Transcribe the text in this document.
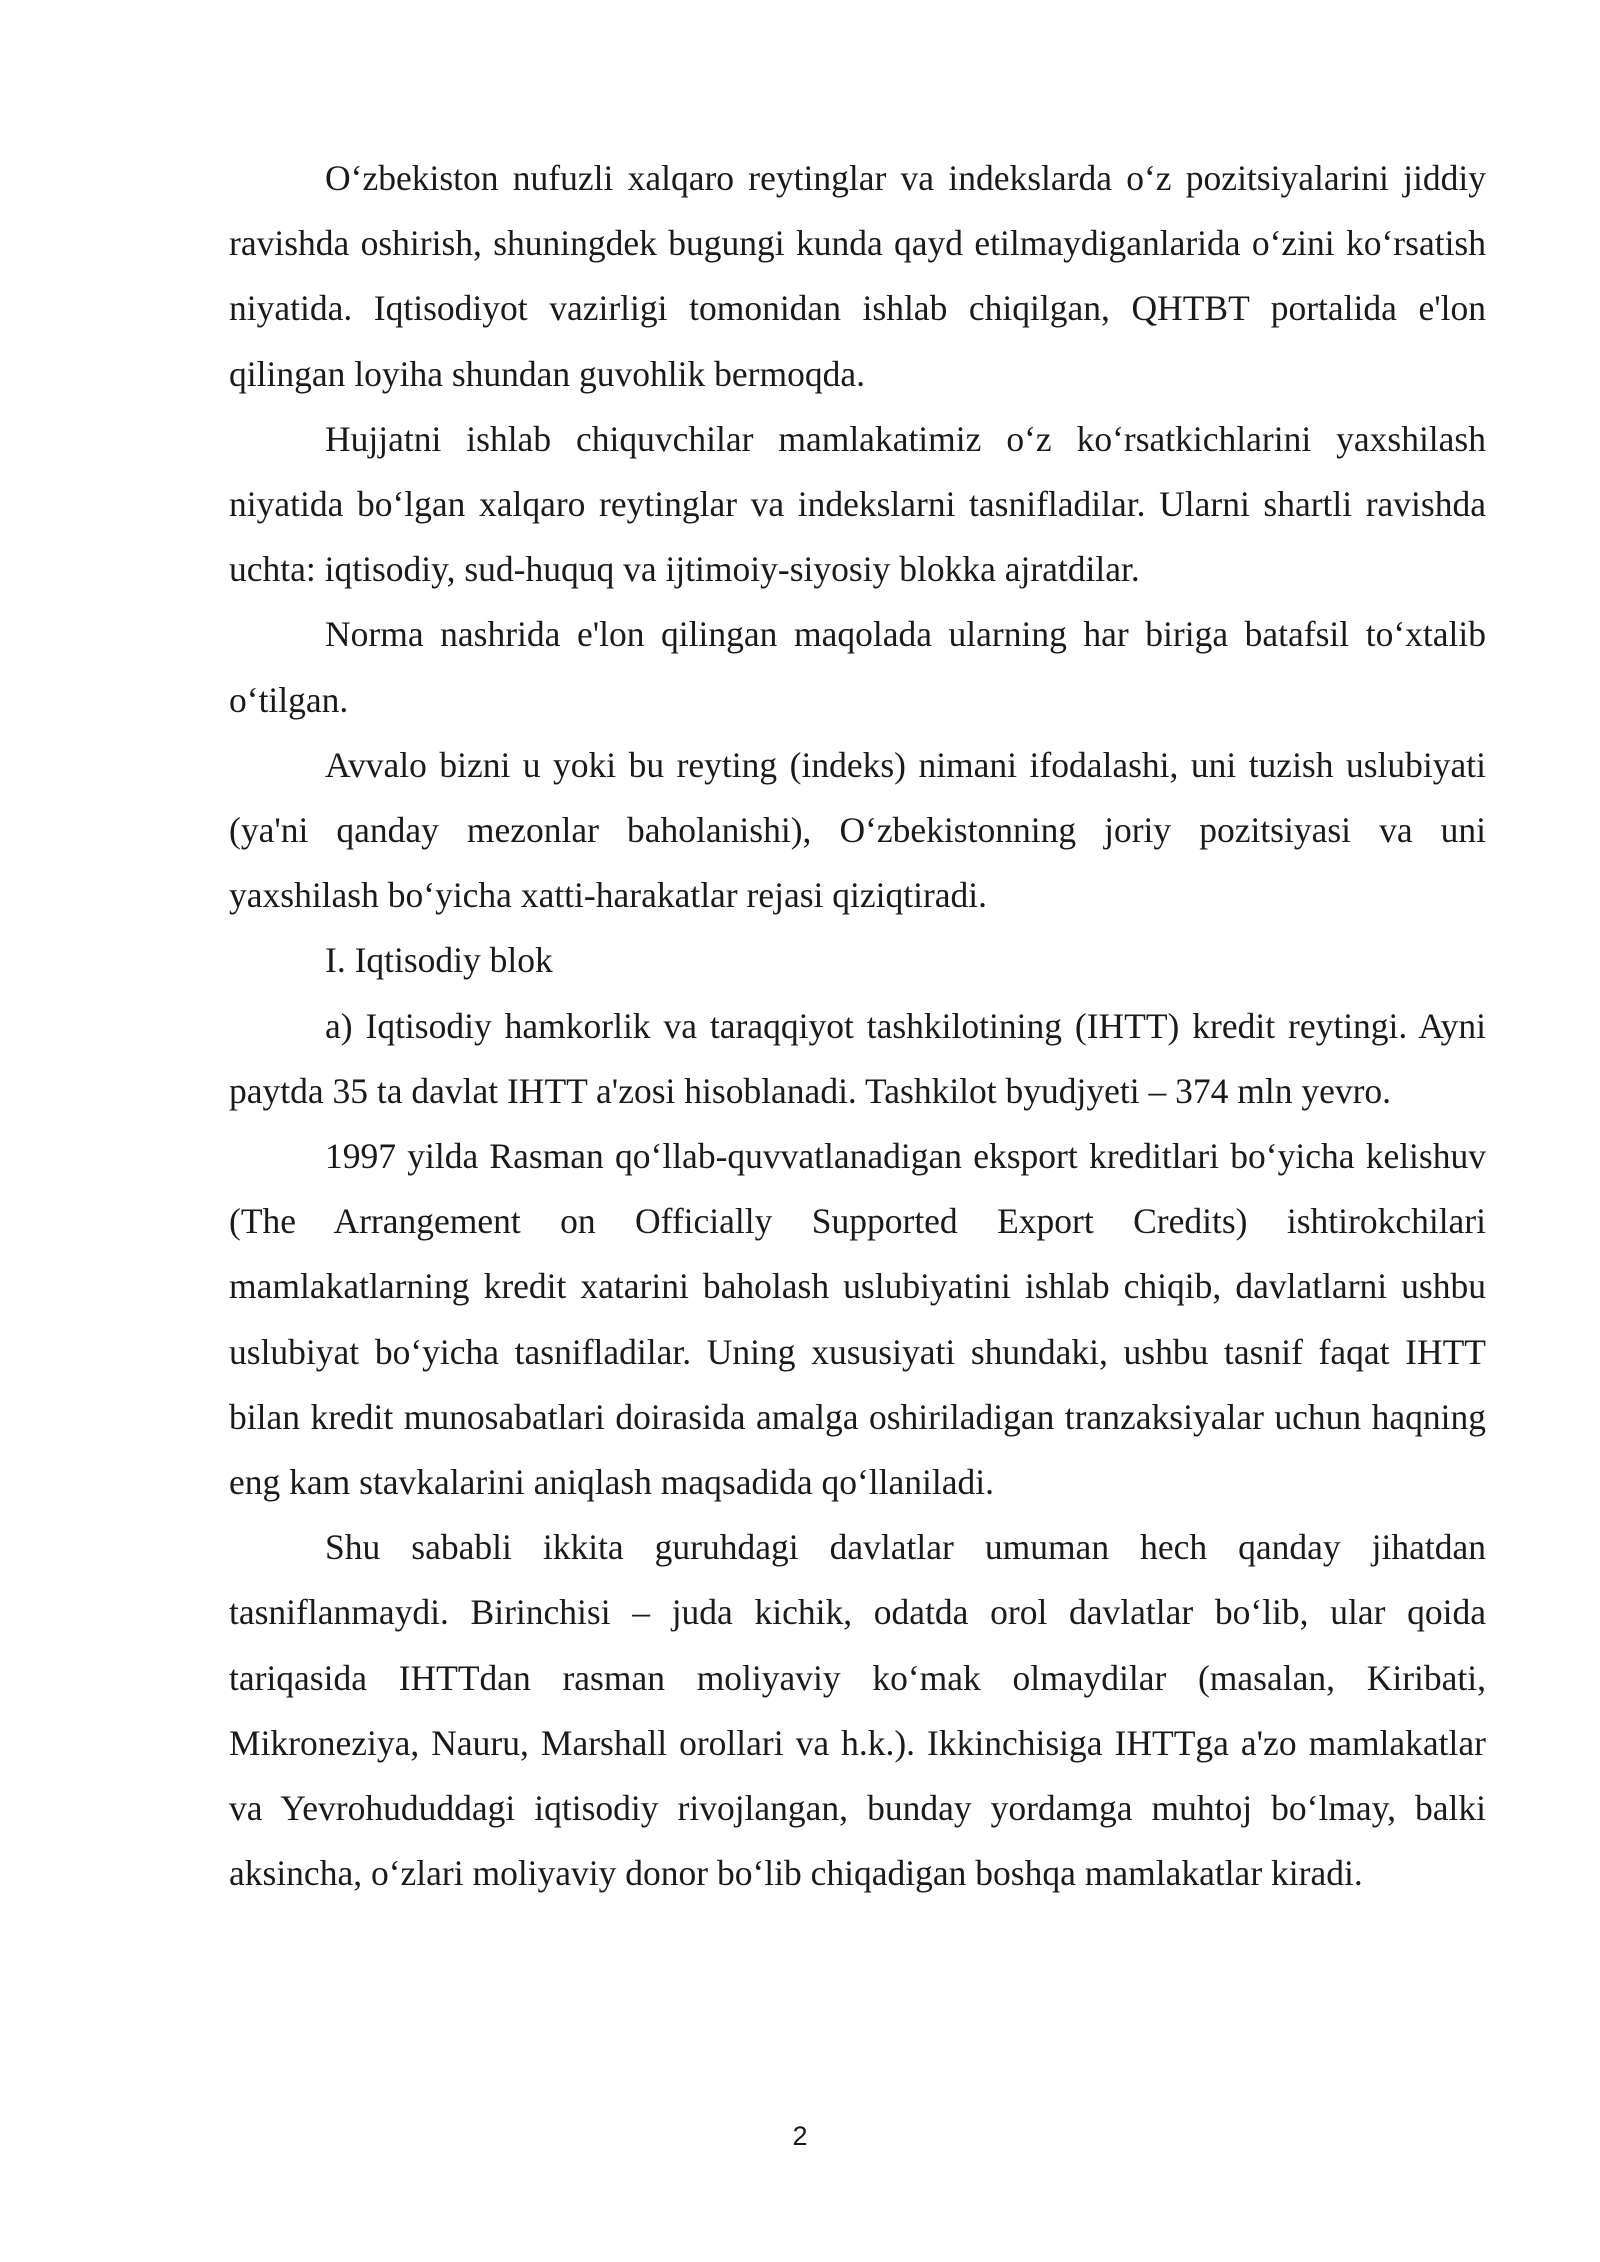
O‘zbekiston nufuzli xalqaro reytinglar va indekslarda o‘z pozitsiyalarini jiddiy ravishda oshirish, shuningdek bugungi kunda qayd etilmaydiganlarida o‘zini ko‘rsatish niyatida. Iqtisodiyot vazirligi tomonidan ishlab chiqilgan, QHTBT portalida e'lon qilingan loyiha shundan guvohlik bermoqda.

Hujjatni ishlab chiquvchilar mamlakatimiz o‘z ko‘rsatkichlarini yaxshilash niyatida bo‘lgan xalqaro reytinglar va indekslarni tasnifladilar. Ularni shartli ravishda uchta: iqtisodiy, sud-huquq va ijtimoiy-siyosiy blokka ajratdilar.

Norma nashrida e'lon qilingan maqolada ularning har biriga batafsil to‘xtalib o‘tilgan.

Avvalo bizni u yoki bu reyting (indeks) nimani ifodalashi, uni tuzish uslubiyati (ya'ni qanday mezonlar baholanishi), O‘zbekistonning joriy pozitsiyasi va uni yaxshilash bo‘yicha xatti-harakatlar rejasi qiziqtiradi.

I. Iqtisodiy blok

a) Iqtisodiy hamkorlik va taraqqiyot tashkilotining (IHTT) kredit reytingi. Ayni paytda 35 ta davlat IHTT a'zosi hisoblanadi. Tashkilot byudjyeti – 374 mln yevro.

1997 yilda Rasman qo‘llab-quvvatlanadigan eksport kreditlari bo‘yicha kelishuv (The Arrangement on Officially Supported Export Credits) ishtirokchilari mamlakatlarning kredit xatarini baholash uslubiyatini ishlab chiqib, davlatlarni ushbu uslubiyat bo‘yicha tasnifladilar. Uning xususiyati shundaki, ushbu tasnif faqat IHTT bilan kredit munosabatlari doirasida amalga oshiriladigan tranzaksiyalar uchun haqning eng kam stavkalarini aniqlash maqsadida qo‘llaniladi.

Shu sababli ikkita guruhdagi davlatlar umuman hech qanday jihatdan tasniflanmaydi. Birinchisi – juda kichik, odatda orol davlatlar bo‘lib, ular qoida tariqasida IHTTdan rasman moliyaviy ko‘mak olmaydilar (masalan, Kiribati, Mikroneziya, Nauru, Marshall orollari va h.k.). Ikkinchisiga IHTTga a'zo mamlakatlar va Yevrohududdagi iqtisodiy rivojlangan, bunday yordamga muhtoj bo‘lmay, balki aksincha, o‘zlari moliyaviy donor bo‘lib chiqadigan boshqa mamlakatlar kiradi.

2
